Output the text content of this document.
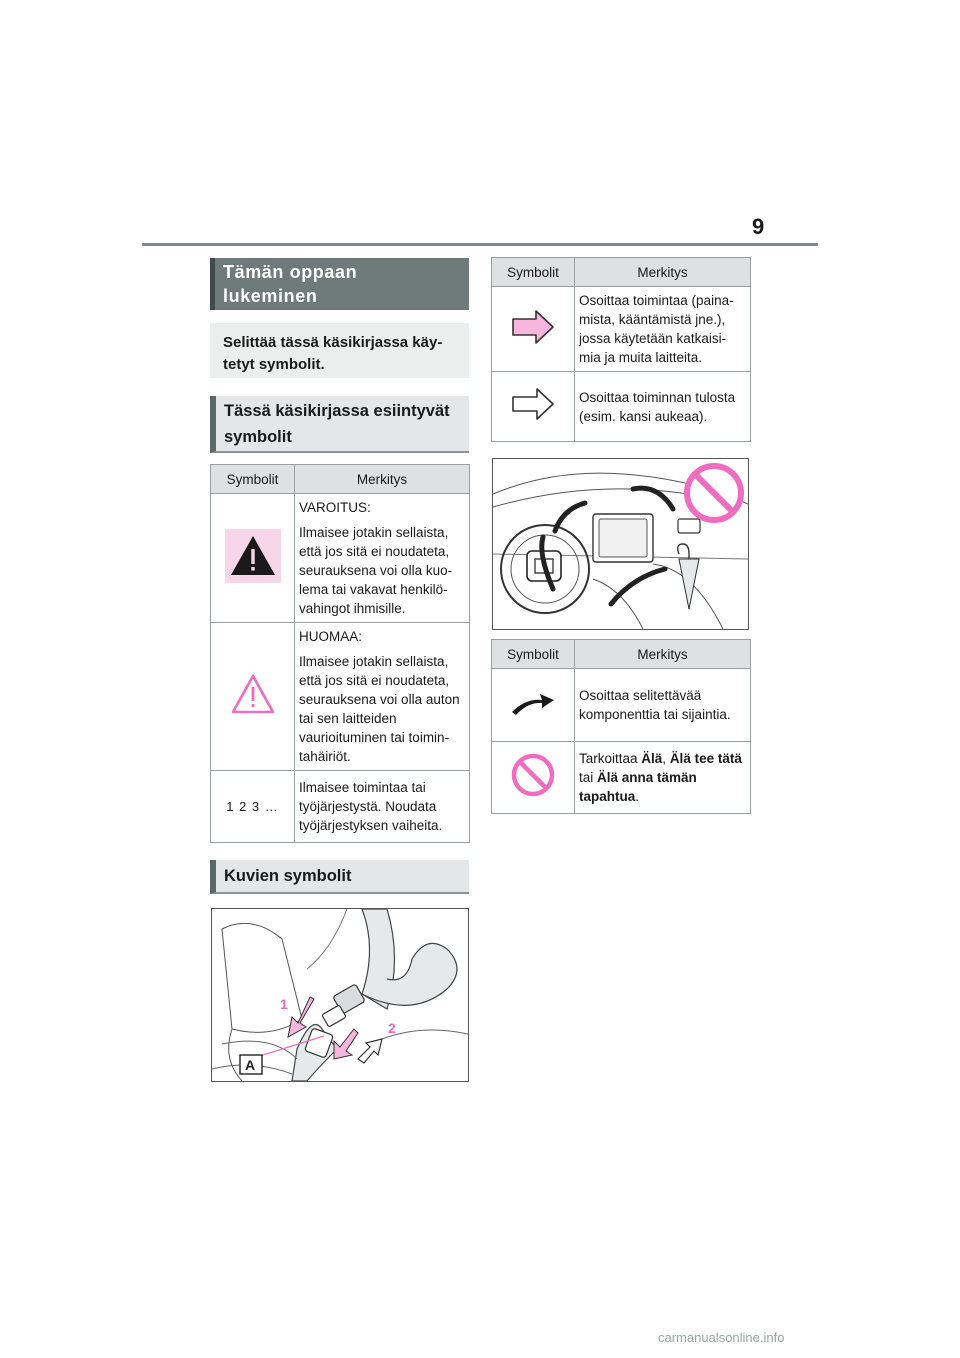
9
Tämän oppaan
lukeminen
Selittää tässä käsikirjassa käy-
tetyt symbolit.
Tässä käsikirjassa esiintyvät
symbolit
Symbolit	Merkitys

VAROITUS:

Ilmaisee jotakin sellaista, että jos sitä ei noudateta, seurauksena voi olla kuo-lema tai vakavat henkilö-vahingot ihmisille.

HUOMAA:

Ilmaisee jotakin sellaista, että jos sitä ei noudateta, seurauksena voi olla auton tai sen laitteiden vaurioituminen tai toimin-tahäiriöt.

1 2 3 …	Ilmaisee toimintaa tai työjärjestystä. Noudata työjärjestyksen vaiheita.

Kuvien symbolit
1
2
A
Symbolit	Merkitys

Osoittaa toimintaa (paina-mista, kääntämistä jne.), jossa käytetään katkaisi-mia ja muita laitteita.

Osoittaa toiminnan tulosta (esim. kansi aukeaa).

Symbolit	Merkitys

Osoittaa selitettävää komponenttia tai sijaintia.

Tarkoittaa Älä, Älä tee tätä tai Älä anna tämän tapahtua.

carmanualsonline.info
